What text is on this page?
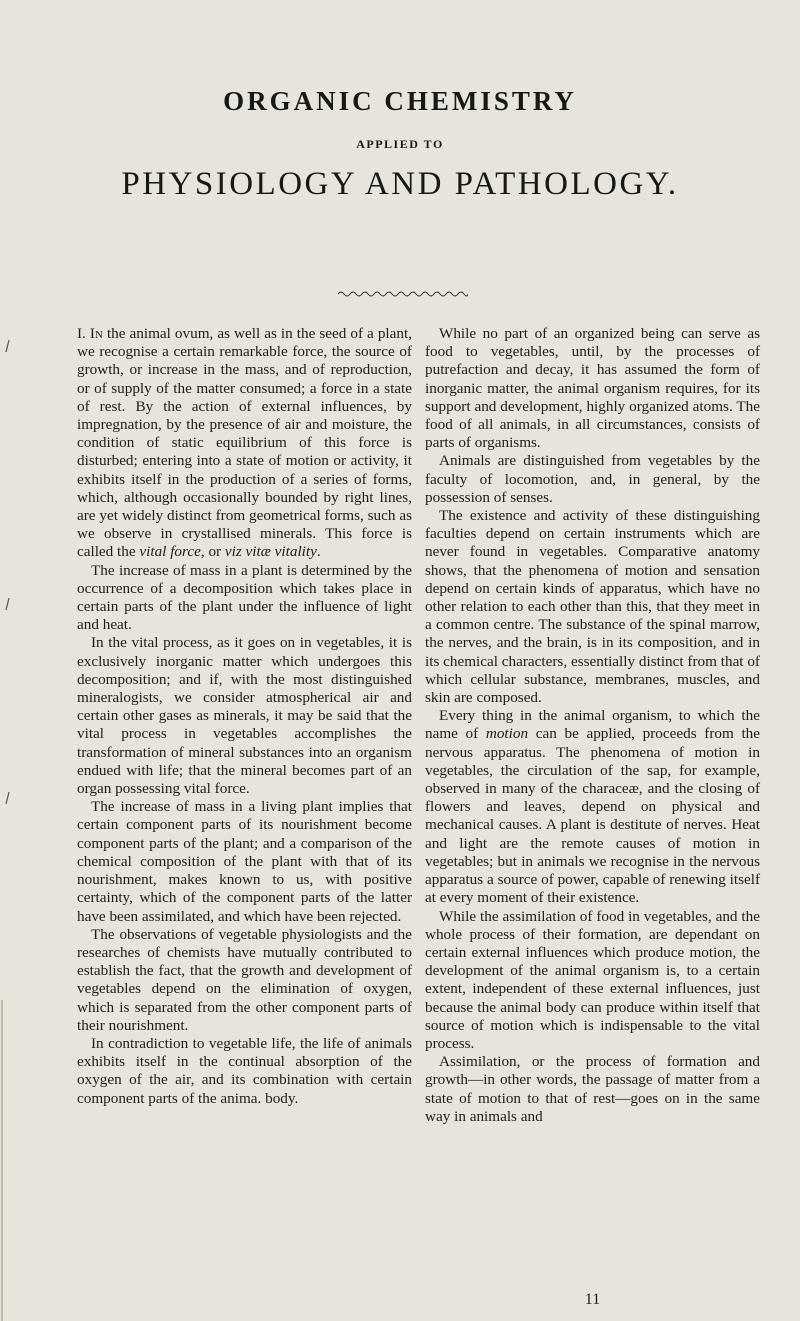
ORGANIC CHEMISTRY
APPLIED TO
PHYSIOLOGY AND PATHOLOGY.

I. In the animal ovum, as well as in the seed of a plant, we recognise a certain remarkable force, the source of growth, or increase in the mass, and of reproduction, or of supply of the matter consumed; a force in a state of rest. By the action of external influences, by impregnation, by the presence of air and moisture, the condition of static equilibrium of this force is disturbed; entering into a state of motion or activity, it exhibits itself in the production of a series of forms, which, although occasionally bounded by right lines, are yet widely distinct from geometrical forms, such as we observe in crystallised minerals. This force is called the vital force, or viz vitæ vitality.

The increase of mass in a plant is determined by the occurrence of a decomposition which takes place in certain parts of the plant under the influence of light and heat.

In the vital process, as it goes on in vegetables, it is exclusively inorganic matter which undergoes this decomposition; and if, with the most distinguished mineralogists, we consider atmospherical air and certain other gases as minerals, it may be said that the vital process in vegetables accomplishes the transformation of mineral substances into an organism endued with life; that the mineral becomes part of an organ possessing vital force.

The increase of mass in a living plant implies that certain component parts of its nourishment become component parts of the plant; and a comparison of the chemical composition of the plant with that of its nourishment, makes known to us, with positive certainty, which of the component parts of the latter have been assimilated, and which have been rejected.

The observations of vegetable physiologists and the researches of chemists have mutually contributed to establish the fact, that the growth and development of vegetables depend on the elimination of oxygen, which is separated from the other component parts of their nourishment.

In contradiction to vegetable life, the life of animals exhibits itself in the continual absorption of the oxygen of the air, and its combination with certain component parts of the anima. body.

While no part of an organized being can serve as food to vegetables, until, by the processes of putrefaction and decay, it has assumed the form of inorganic matter, the animal organism requires, for its support and development, highly organized atoms. The food of all animals, in all circumstances, consists of parts of organisms.

Animals are distinguished from vegetables by the faculty of locomotion, and, in general, by the possession of senses.

The existence and activity of these distinguishing faculties depend on certain instruments which are never found in vegetables. Comparative anatomy shows, that the phenomena of motion and sensation depend on certain kinds of apparatus, which have no other relation to each other than this, that they meet in a common centre. The substance of the spinal marrow, the nerves, and the brain, is in its composition, and in its chemical characters, essentially distinct from that of which cellular substance, membranes, muscles, and skin are composed.

Every thing in the animal organism, to which the name of motion can be applied, proceeds from the nervous apparatus. The phenomena of motion in vegetables, the circulation of the sap, for example, observed in many of the characeæ, and the closing of flowers and leaves, depend on physical and mechanical causes. A plant is destitute of nerves. Heat and light are the remote causes of motion in vegetables; but in animals we recognise in the nervous apparatus a source of power, capable of renewing itself at every moment of their existence.

While the assimilation of food in vegetables, and the whole process of their formation, are dependant on certain external influences which produce motion, the development of the animal organism is, to a certain extent, independent of these external influences, just because the animal body can produce within itself that source of motion which is indispensable to the vital process.

Assimilation, or the process of formation and growth—in other words, the passage of matter from a state of motion to that of rest—goes on in the same way in animals and

11
